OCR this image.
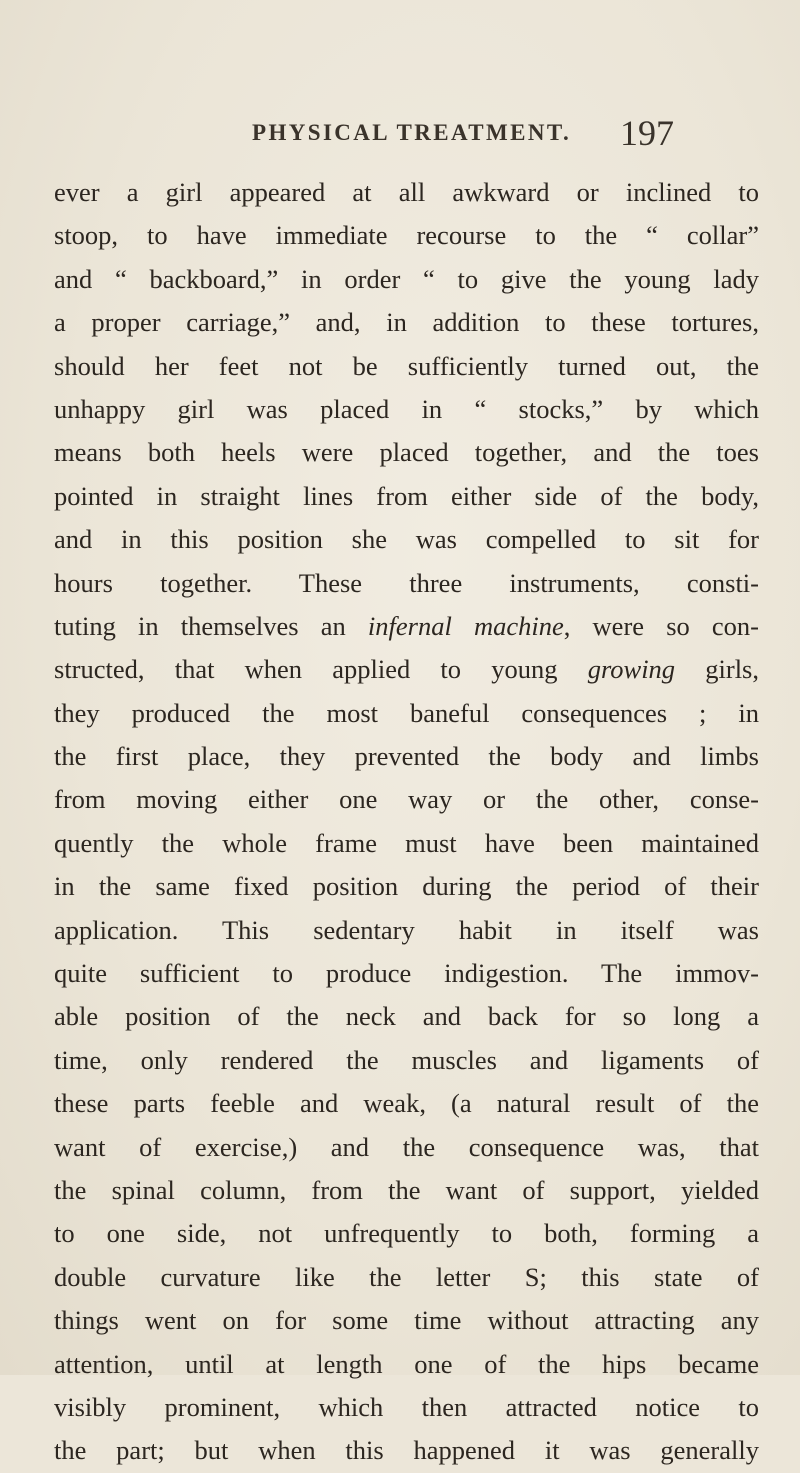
PHYSICAL TREATMENT. 197
ever a girl appeared at all awkward or inclined to
stoop, to have immediate recourse to the “ collar”
and “ backboard,” in order “ to give the young lady
a proper carriage,” and, in addition to these tortures,
should her feet not be sufficiently turned out, the
unhappy girl was placed in “ stocks,” by which
means both heels were placed together, and the toes
pointed in straight lines from either side of the body,
and in this position she was compelled to sit for
hours together. These three instruments, consti-
tuting in themselves an infernal machine, were so con-
structed, that when applied to young growing girls,
they produced the most baneful consequences ; in
the first place, they prevented the body and limbs
from moving either one way or the other, conse-
quently the whole frame must have been maintained
in the same fixed position during the period of their
application. This sedentary habit in itself was
quite sufficient to produce indigestion. The immov-
able position of the neck and back for so long a
time, only rendered the muscles and ligaments of
these parts feeble and weak, (a natural result of the
want of exercise,) and the consequence was, that
the spinal column, from the want of support, yielded
to one side, not unfrequently to both, forming a
double curvature like the letter S; this state of
things went on for some time without attracting any
attention, until at length one of the hips became
visibly prominent, which then attracted notice to
the part; but when this happened it was generally
